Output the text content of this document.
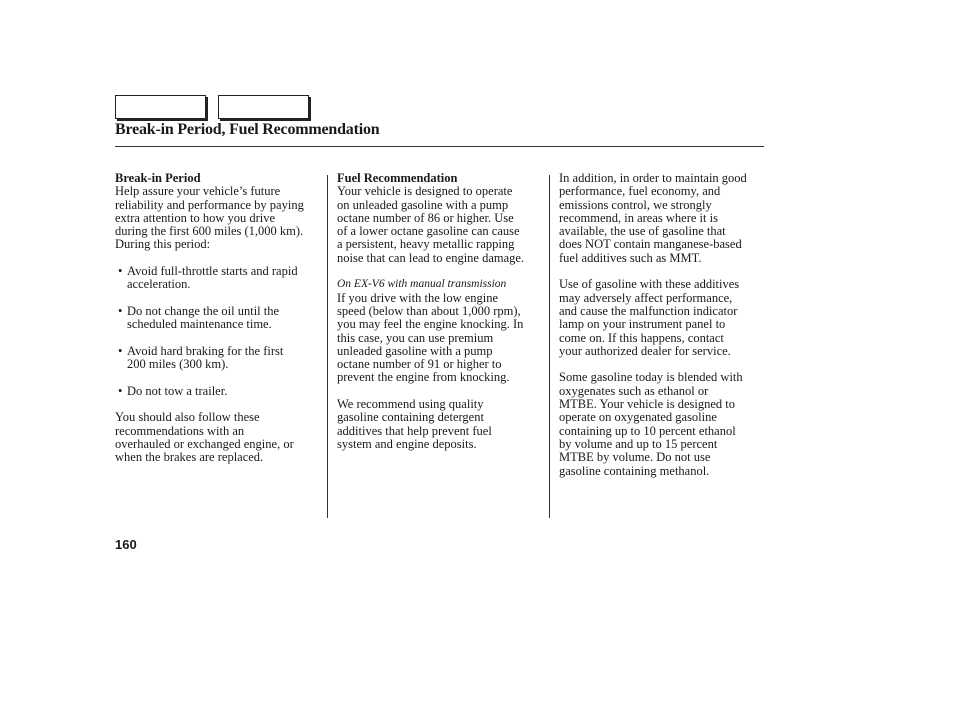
Break-in Period, Fuel Recommendation
Break-in Period
Help assure your vehicle’s future
reliability and performance by paying
extra attention to how you drive
during the first 600 miles (1,000 km).
During this period:
• Avoid full-throttle starts and rapid
acceleration.
• Do not change the oil until the
scheduled maintenance time.
• Avoid hard braking for the first
200 miles (300 km).
• Do not tow a trailer.
You should also follow these
recommendations with an
overhauled or exchanged engine, or
when the brakes are replaced.
Fuel Recommendation
Your vehicle is designed to operate
on unleaded gasoline with a pump
octane number of 86 or higher. Use
of a lower octane gasoline can cause
a persistent, heavy metallic rapping
noise that can lead to engine damage.
On EX-V6 with manual transmission
If you drive with the low engine
speed (below than about 1,000 rpm),
you may feel the engine knocking. In
this case, you can use premium
unleaded gasoline with a pump
octane number of 91 or higher to
prevent the engine from knocking.
We recommend using quality
gasoline containing detergent
additives that help prevent fuel
system and engine deposits.
In addition, in order to maintain good
performance, fuel economy, and
emissions control, we strongly
recommend, in areas where it is
available, the use of gasoline that
does NOT contain manganese-based
fuel additives such as MMT.
Use of gasoline with these additives
may adversely affect performance,
and cause the malfunction indicator
lamp on your instrument panel to
come on. If this happens, contact
your authorized dealer for service.
Some gasoline today is blended with
oxygenates such as ethanol or
MTBE. Your vehicle is designed to
operate on oxygenated gasoline
containing up to 10 percent ethanol
by volume and up to 15 percent
MTBE by volume. Do not use
gasoline containing methanol.
160
